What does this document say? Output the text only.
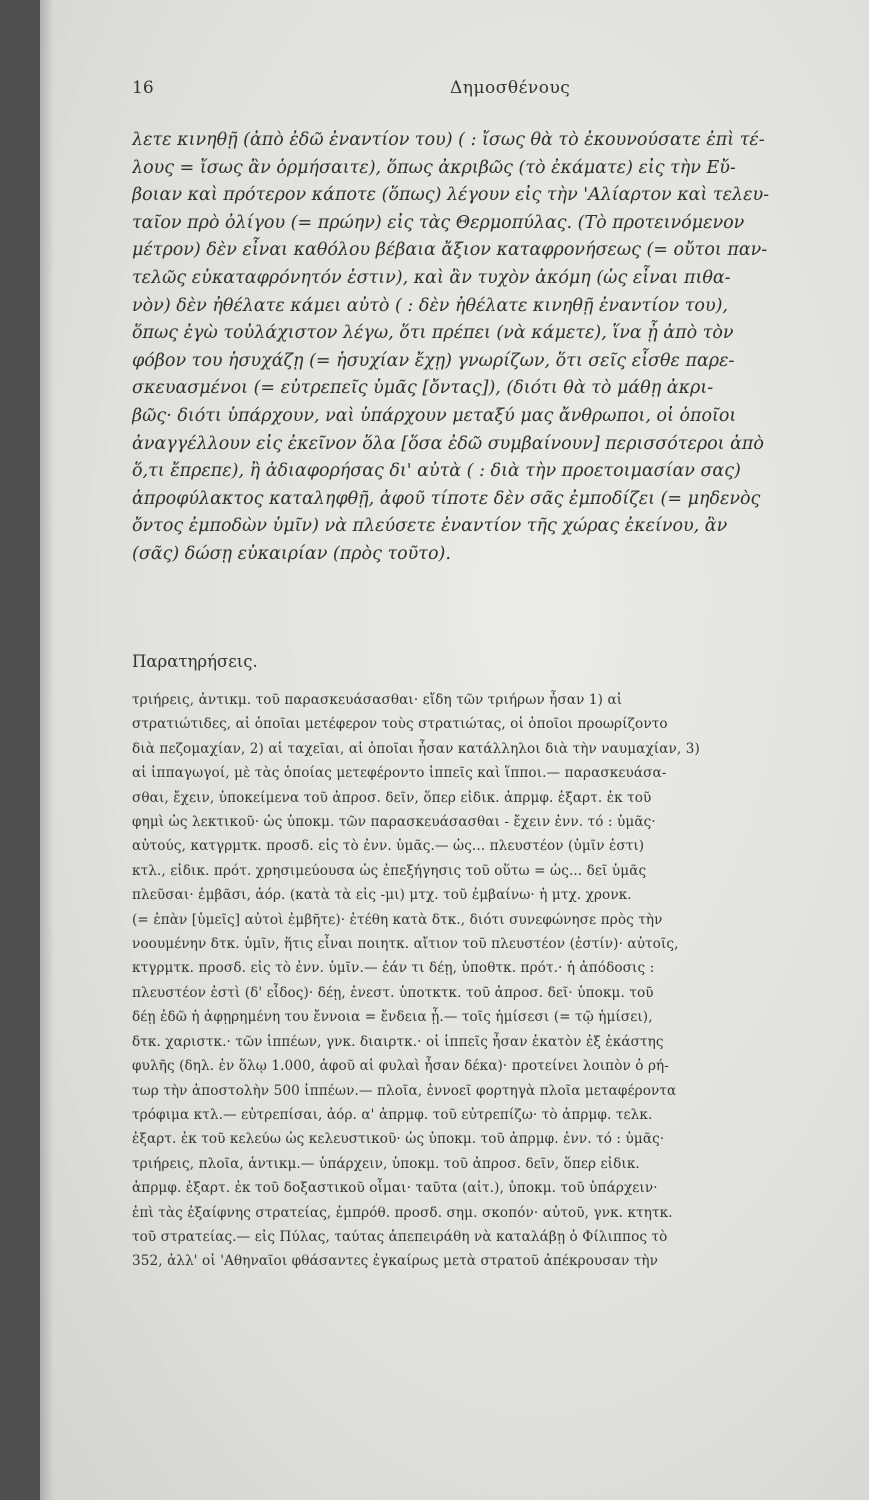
16	Δημοσθένους
λετε κινηθῇ (ἀπὸ ἐδῶ ἐναντίον του) ( : ἴσως θὰ τὸ ἐκουνούσατε ἐπὶ τέ-
λους = ἴσως ἂν ὁρμήσαιτε), ὅπως ἀκριβῶς (τὸ ἐκάματε) εἰς τὴν Εὔ-
βοιαν καὶ πρότερον κάποτε (ὅπως) λέγουν εἰς τὴν 'Αλίαρτον καὶ τελευ-
ταῖον πρὸ ὀλίγου (= πρώην) εἰς τὰς Θερμοπύλας. (Τὸ προτεινόμενον
μέτρον) δὲν εἶναι καθόλου βέβαια ἄξιον καταφρονήσεως (= οὔτοι παν-
τελῶς εὐκαταφρόνητόν ἐστιν), καὶ ἂν τυχὸν ἀκόμη (ὡς εἶναι πιθα-
νὸν) δὲν ἠθέλατε κάμει αὐτὸ ( : δὲν ἠθέλατε κινηθῇ ἐναντίον του),
ὅπως ἐγὼ τοὐλάχιστον λέγω, ὅτι πρέπει (νὰ κάμετε), ἵνα ᾖ ἀπὸ τὸν
φόβον του ἡσυχάζῃ (= ἡσυχίαν ἔχῃ) γνωρίζων, ὅτι σεῖς εἶσθε παρε-
σκευασμένοι (= εὐτρεπεῖς ὑμᾶς [ὄντας]), (διότι θὰ τὸ μάθῃ ἀκρι-
βῶς· διότι ὑπάρχουν, ναὶ ὑπάρχουν μεταξύ μας ἄνθρωποι, οἱ ὁποῖοι
ἀναγγέλλουν εἰς ἐκεῖνον ὅλα [ὅσα ἐδῶ συμβαίνουν] περισσότεροι ἀπὸ
ὅ,τι ἔπρεπε), ἢ ἀδιαφορήσας δι' αὐτὰ ( : διὰ τὴν προετοιμασίαν σας)
ἀπροφύλακτος καταληφθῇ, ἀφοῦ τίποτε δὲν σᾶς ἐμποδίζει (= μηδενὸς
ὄντος ἐμποδὼν ὑμῖν) νὰ πλεύσετε ἐναντίον τῆς χώρας ἐκείνου, ἂν
(σᾶς) δώσῃ εὐκαιρίαν (πρὸς τοῦτο).
Παρατηρήσεις.
τριήρεις, ἀντικμ. τοῦ παρασκευάσασθαι· εἴδη τῶν τριήρων ἦσαν 1) αἱ
στρατιώτιδες, αἱ ὁποῖαι μετέφερον τοὺς στρατιώτας, οἱ ὁποῖοι προωρίζοντο
διὰ πεζομαχίαν, 2) αἱ ταχεῖαι, αἱ ὁποῖαι ἦσαν κατάλληλοι διὰ τὴν ναυμαχίαν, 3)
αἱ ἱππαγωγοί, μὲ τὰς ὁποίας μετεφέροντο ἱππεῖς καὶ ἵπποι.— παρασκευάσα-
σθαι, ἔχειν, ὑποκείμενα τοῦ ἀπροσ. δεῖν, ὅπερ εἰδικ. ἀπρμφ. ἐξαρτ. ἐκ τοῦ
φημὶ ὡς λεκτικοῦ· ὡς ὑποκμ. τῶν παρασκευάσασθαι - ἔχειν ἐνν. τό : ὑμᾶς·
αὐτούς, κατγρμτκ. προσδ. εἰς τὸ ἐνν. ὑμᾶς.— ὡς... πλευστέον (ὑμῖν ἐστι)
κτλ., εἰδικ. πρότ. χρησιμεύουσα ὡς ἐπεξήγησις τοῦ οὕτω = ὡς... δεῖ ὑμᾶς
πλεῦσαι· ἐμβᾶσι, ἀόρ. (κατὰ τὰ εἰς -μι) μτχ. τοῦ ἐμβαίνω· ἡ μτχ. χρονκ.
(= ἐπὰν [ὑμεῖς] αὐτοὶ ἐμβῆτε)· ἐτέθη κατὰ δτκ., διότι συνεφώνησε πρὸς τὴν
νοουμένην δτκ. ὑμῖν, ἥτις εἶναι ποιητκ. αἴτιον τοῦ πλευστέον (ἐστίν)· αὐτοῖς,
κτγρμτκ. προσδ. εἰς τὸ ἐνν. ὑμῖν.— ἐάν τι δέῃ, ὑποθτκ. πρότ.· ἡ ἀπόδοσις :
πλευστέον ἐστὶ (δ' εἶδος)· δέῃ, ἐνεστ. ὑποτκτκ. τοῦ ἀπροσ. δεῖ· ὑποκμ. τοῦ
δέῃ ἐδῶ ἡ ἀφῃρημένη του ἔννοια = ἔνδεια ᾖ.— τοῖς ἡμίσεσι (= τῷ ἡμίσει),
δτκ. χαριστκ.· τῶν ἱππέων, γνκ. διαιρτκ.· οἱ ἱππεῖς ἦσαν ἑκατὸν ἐξ ἑκάστης
φυλῆς (δηλ. ἐν ὅλῳ 1.000, ἀφοῦ αἱ φυλαὶ ἦσαν δέκα)· προτείνει λοιπὸν ὁ ρή-
τωρ τὴν ἀποστολὴν 500 ἱππέων.— πλοῖα, ἐννοεῖ φορτηγὰ πλοῖα μεταφέροντα
τρόφιμα κτλ.— εὐτρεπίσαι, ἀόρ. α' ἀπρμφ. τοῦ εὐτρεπίζω· τὸ ἀπρμφ. τελκ.
ἐξαρτ. ἐκ τοῦ κελεύω ὡς κελευστικοῦ· ὡς ὑποκμ. τοῦ ἀπρμφ. ἐνν. τό : ὑμᾶς·
τριήρεις, πλοῖα, ἀντικμ.— ὑπάρχειν, ὑποκμ. τοῦ ἀπροσ. δεῖν, ὅπερ εἰδικ.
ἀπρμφ. ἐξαρτ. ἐκ τοῦ δοξαστικοῦ οἶμαι· ταῦτα (αἰτ.), ὑποκμ. τοῦ ὑπάρχειν·
ἐπὶ τὰς ἐξαίφνης στρατείας, ἐμπρόθ. προσδ. σημ. σκοπόν· αὐτοῦ, γνκ. κτητκ.
τοῦ στρατείας.— εἰς Πύλας, ταύτας ἀπεπειράθη νὰ καταλάβῃ ὁ Φίλιππος τὸ
352, ἀλλ' οἱ 'Αθηναῖοι φθάσαντες ἐγκαίρως μετὰ στρατοῦ ἀπέκρουσαν τὴν
